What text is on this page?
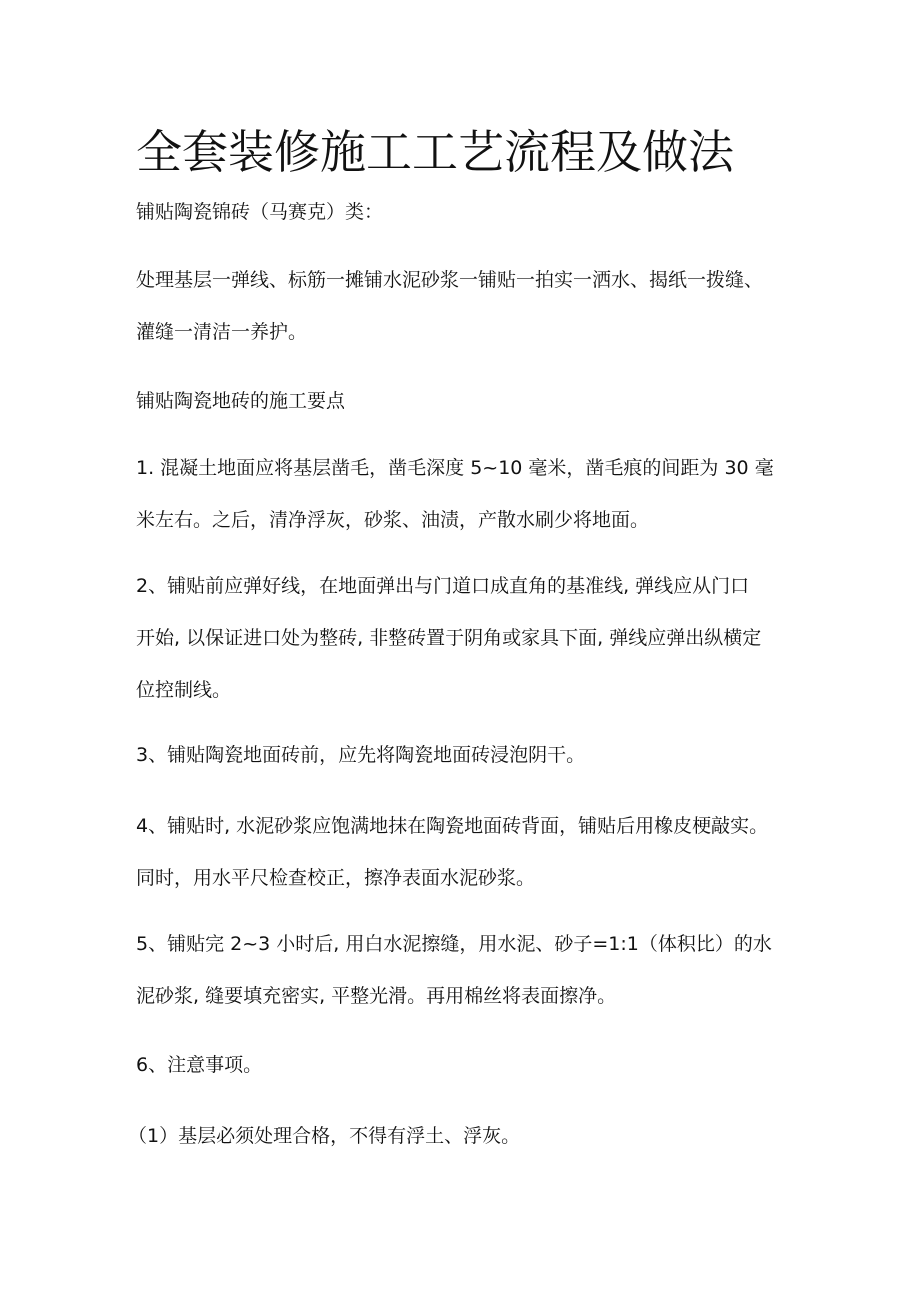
全套装修施工工艺流程及做法

铺贴陶瓷锦砖（马赛克）类：

处理基层一弹线、标筋一摊铺水泥砂浆一铺贴一拍实一洒水、揭纸一拨缝、
灌缝一清洁一养护。

铺贴陶瓷地砖的施工要点

1. 混凝土地面应将基层凿毛，凿毛深度 5~10 毫米，凿毛痕的间距为 30 毫
米左右。之后，清净浮灰，砂浆、油渍，产散水刷少将地面。

2、铺贴前应弹好线，在地面弹出与门道口成直角的基准线, 弹线应从门口
开始, 以保证进口处为整砖, 非整砖置于阴角或家具下面, 弹线应弹出纵横定
位控制线。

3、铺贴陶瓷地面砖前，应先将陶瓷地面砖浸泡阴干。

4、铺贴时, 水泥砂浆应饱满地抹在陶瓷地面砖背面，铺贴后用橡皮梗敲实。
同时，用水平尺检查校正，擦净表面水泥砂浆。

5、铺贴完 2~3 小时后, 用白水泥擦缝，用水泥、砂子=1:1（体积比）的水
泥砂浆, 缝要填充密实, 平整光滑。再用棉丝将表面擦净。

6、注意事项。

（1）基层必须处理合格，不得有浮土、浮灰。
